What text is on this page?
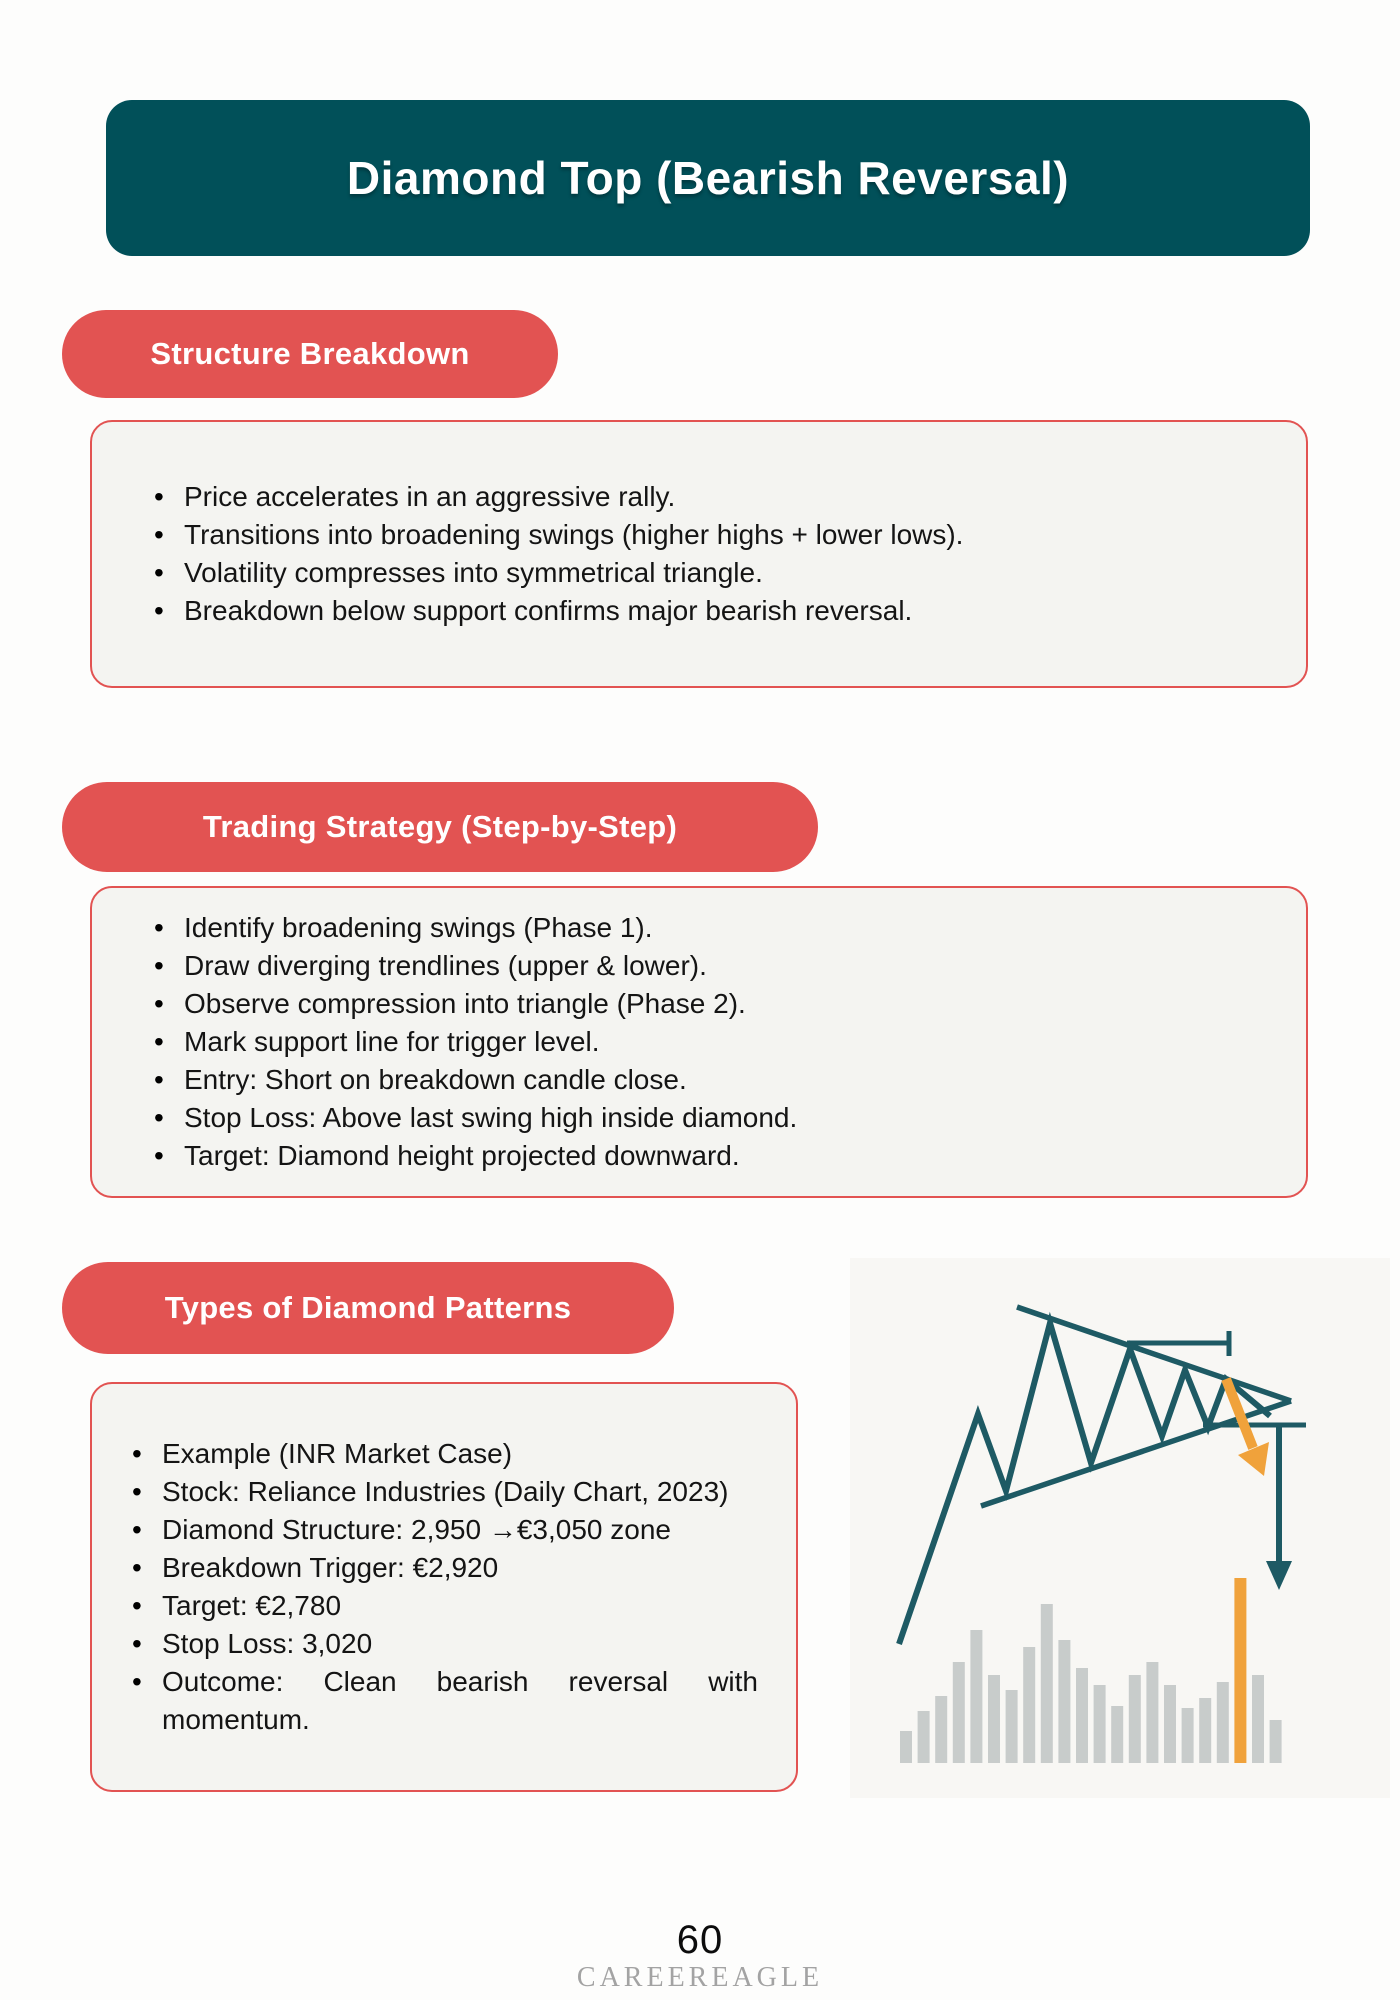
Diamond Top (Bearish Reversal)
Structure Breakdown
• Price accelerates in an aggressive rally.
• Transitions into broadening swings (higher highs + lower lows).
• Volatility compresses into symmetrical triangle.
• Breakdown below support confirms major bearish reversal.
Trading Strategy (Step-by-Step)
• Identify broadening swings (Phase 1).
• Draw diverging trendlines (upper & lower).
• Observe compression into triangle (Phase 2).
• Mark support line for trigger level.
• Entry: Short on breakdown candle close.
• Stop Loss: Above last swing high inside diamond.
• Target: Diamond height projected downward.
Types of Diamond Patterns
• Example (INR Market Case)
• Stock: Reliance Industries (Daily Chart, 2023)
• Diamond Structure: 2,950 →€3,050 zone
• Breakdown Trigger: €2,920
• Target: €2,780
• Stop Loss: 3,020
• Outcome: Clean bearish reversal with momentum.
60
CAREEREAGLE
